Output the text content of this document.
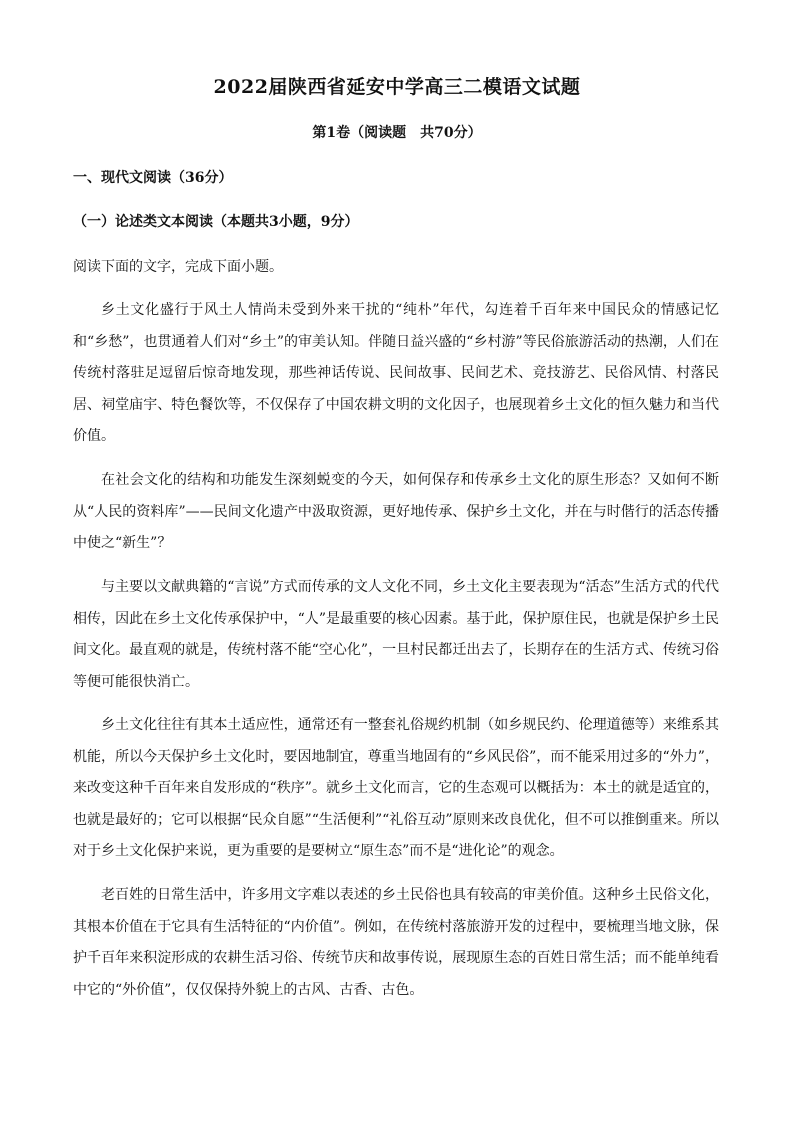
2022届陕西省延安中学高三二模语文试题
第1卷（阅读题　共70分）
一、现代文阅读（36分）
（一）论述类文本阅读（本题共3小题，9分）
阅读下面的文字，完成下面小题。

乡土文化盛行于风土人情尚未受到外来干扰的“纯朴”年代，勾连着千百年来中国民众的情感记忆和“乡愁”，也贯通着人们对“乡土”的审美认知。伴随日益兴盛的“乡村游”等民俗旅游活动的热潮，人们在传统村落驻足逗留后惊奇地发现，那些神话传说、民间故事、民间艺术、竞技游艺、民俗风情、村落民居、祠堂庙宇、特色餐饮等，不仅保存了中国农耕文明的文化因子，也展现着乡土文化的恒久魅力和当代价值。

在社会文化的结构和功能发生深刻蜕变的今天，如何保存和传承乡土文化的原生形态？又如何不断从“人民的资料库”——民间文化遗产中汲取资源，更好地传承、保护乡土文化，并在与时偕行的活态传播中使之“新生”？

与主要以文献典籍的“言说”方式而传承的文人文化不同，乡土文化主要表现为“活态”生活方式的代代相传，因此在乡土文化传承保护中，“人”是最重要的核心因素。基于此，保护原住民，也就是保护乡土民间文化。最直观的就是，传统村落不能“空心化”，一旦村民都迁出去了，长期存在的生活方式、传统习俗等便可能很快消亡。

乡土文化往往有其本土适应性，通常还有一整套礼俗规约机制（如乡规民约、伦理道德等）来维系其机能，所以今天保护乡土文化时，要因地制宜，尊重当地固有的“乡风民俗”，而不能采用过多的“外力”，来改变这种千百年来自发形成的“秩序”。就乡土文化而言，它的生态观可以概括为：本土的就是适宜的，也就是最好的；它可以根据“民众自愿”“生活便利”“礼俗互动”原则来改良优化，但不可以推倒重来。所以对于乡土文化保护来说，更为重要的是要树立“原生态”而不是“进化论”的观念。

老百姓的日常生活中，许多用文字难以表述的乡土民俗也具有较高的审美价值。这种乡土民俗文化，其根本价值在于它具有生活特征的“内价值”。例如，在传统村落旅游开发的过程中，要梳理当地文脉，保护千百年来积淀形成的农耕生活习俗、传统节庆和故事传说，展现原生态的百姓日常生活；而不能单纯看中它的“外价值”，仅仅保持外貌上的古风、古香、古色。
